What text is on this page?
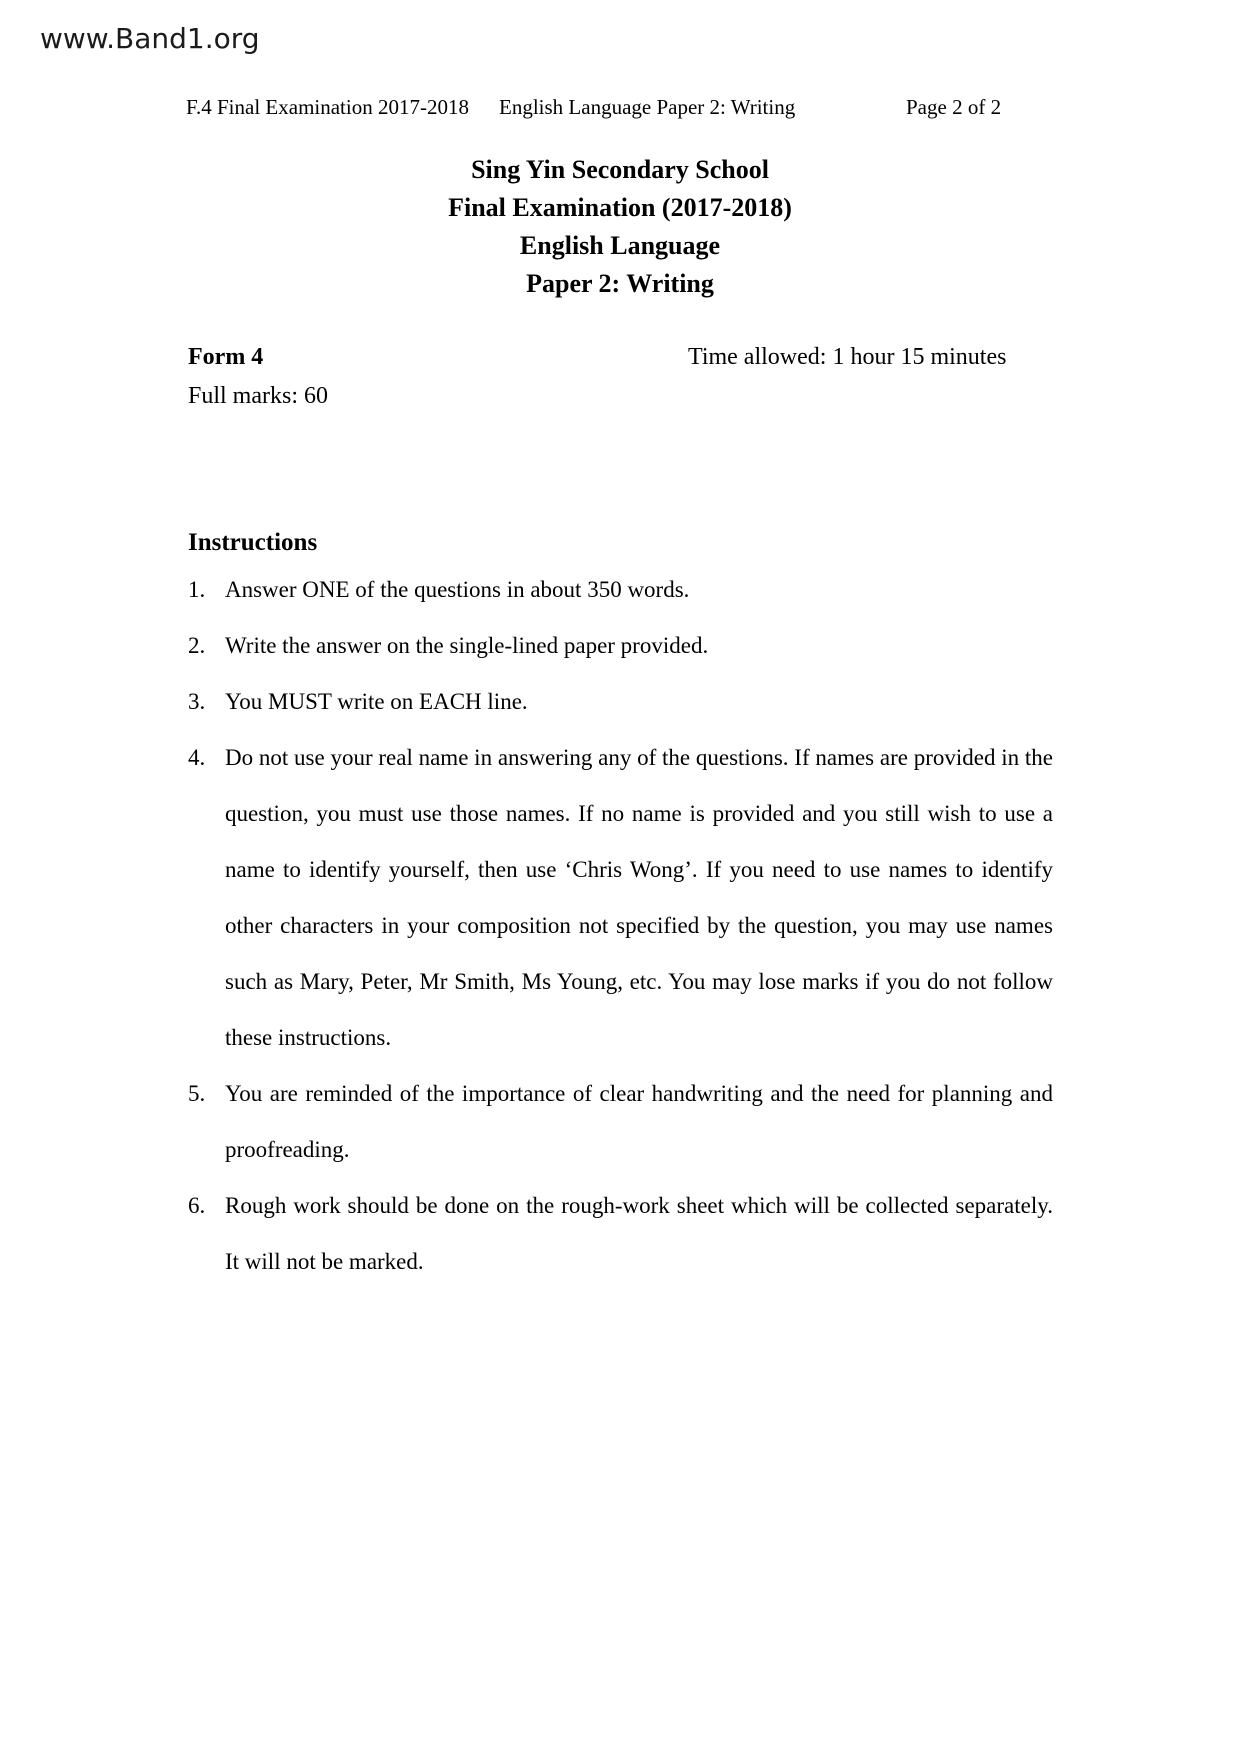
www.Band1.org
F.4 Final Examination 2017-2018 English Language Paper 2: Writing	Page 2 of 2
Sing Yin Secondary School
Final Examination (2017-2018)
English Language
Paper 2: Writing
Form 4	Time allowed: 1 hour 15 minutes
Full marks: 60
Instructions
1. Answer ONE of the questions in about 350 words.

2. Write the answer on the single-lined paper provided.

3. You MUST write on EACH line.

4. Do not use your real name in answering any of the questions. If names are provided in the question, you must use those names. If no name is provided and you still wish to use a name to identify yourself, then use ‘Chris Wong’. If you need to use names to identify other characters in your composition not specified by the question, you may use names such as Mary, Peter, Mr Smith, Ms Young, etc. You may lose marks if you do not follow these instructions.

5. You are reminded of the importance of clear handwriting and the need for planning and proofreading.

6. Rough work should be done on the rough-work sheet which will be collected separately. It will not be marked.
